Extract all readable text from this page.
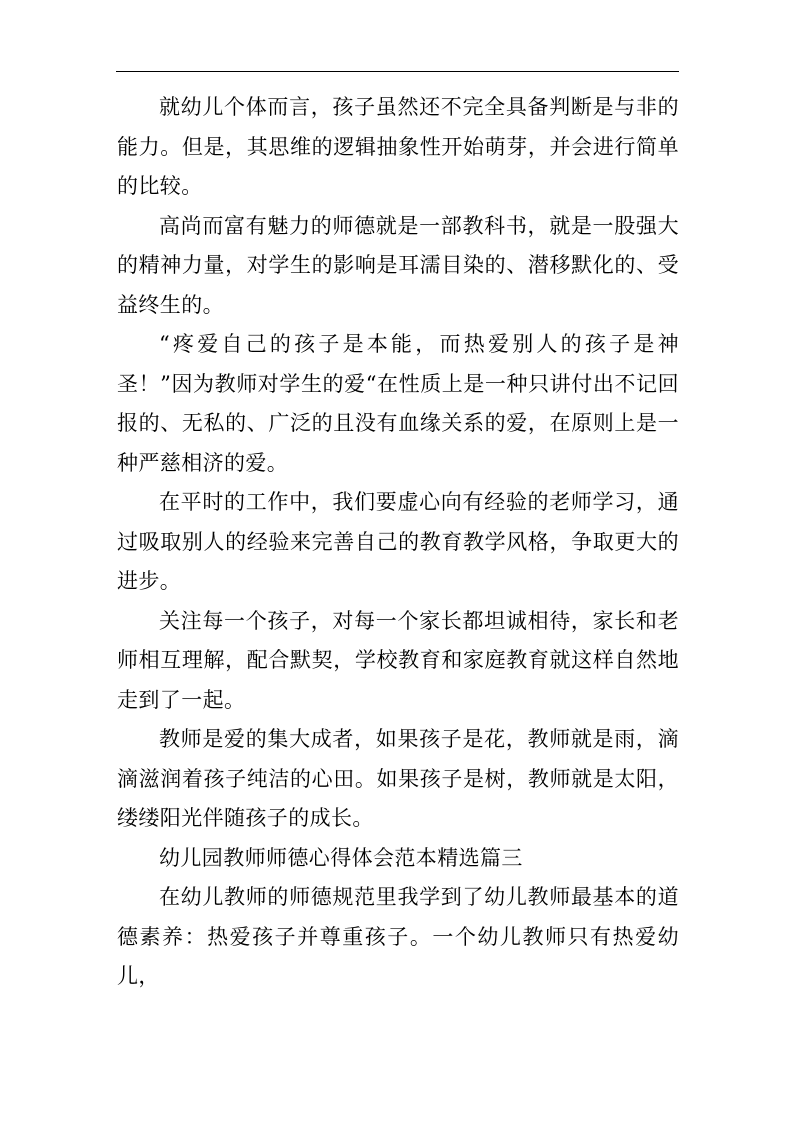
就幼儿个体而言，孩子虽然还不完全具备判断是与非的能力。但是，其思维的逻辑抽象性开始萌芽，并会进行简单的比较。

高尚而富有魅力的师德就是一部教科书，就是一股强大的精神力量，对学生的影响是耳濡目染的、潜移默化的、受益终生的。

“疼爱自己的孩子是本能，而热爱别人的孩子是神圣！”因为教师对学生的爱“在性质上是一种只讲付出不记回报的、无私的、广泛的且没有血缘关系的爱，在原则上是一种严慈相济的爱。

在平时的工作中，我们要虚心向有经验的老师学习，通过吸取别人的经验来完善自己的教育教学风格，争取更大的进步。

关注每一个孩子，对每一个家长都坦诚相待，家长和老师相互理解，配合默契，学校教育和家庭教育就这样自然地走到了一起。

教师是爱的集大成者，如果孩子是花，教师就是雨，滴滴滋润着孩子纯洁的心田。如果孩子是树，教师就是太阳，缕缕阳光伴随孩子的成长。

幼儿园教师师德心得体会范本精选篇三

在幼儿教师的师德规范里我学到了幼儿教师最基本的道德素养：热爱孩子并尊重孩子。一个幼儿教师只有热爱幼儿，
